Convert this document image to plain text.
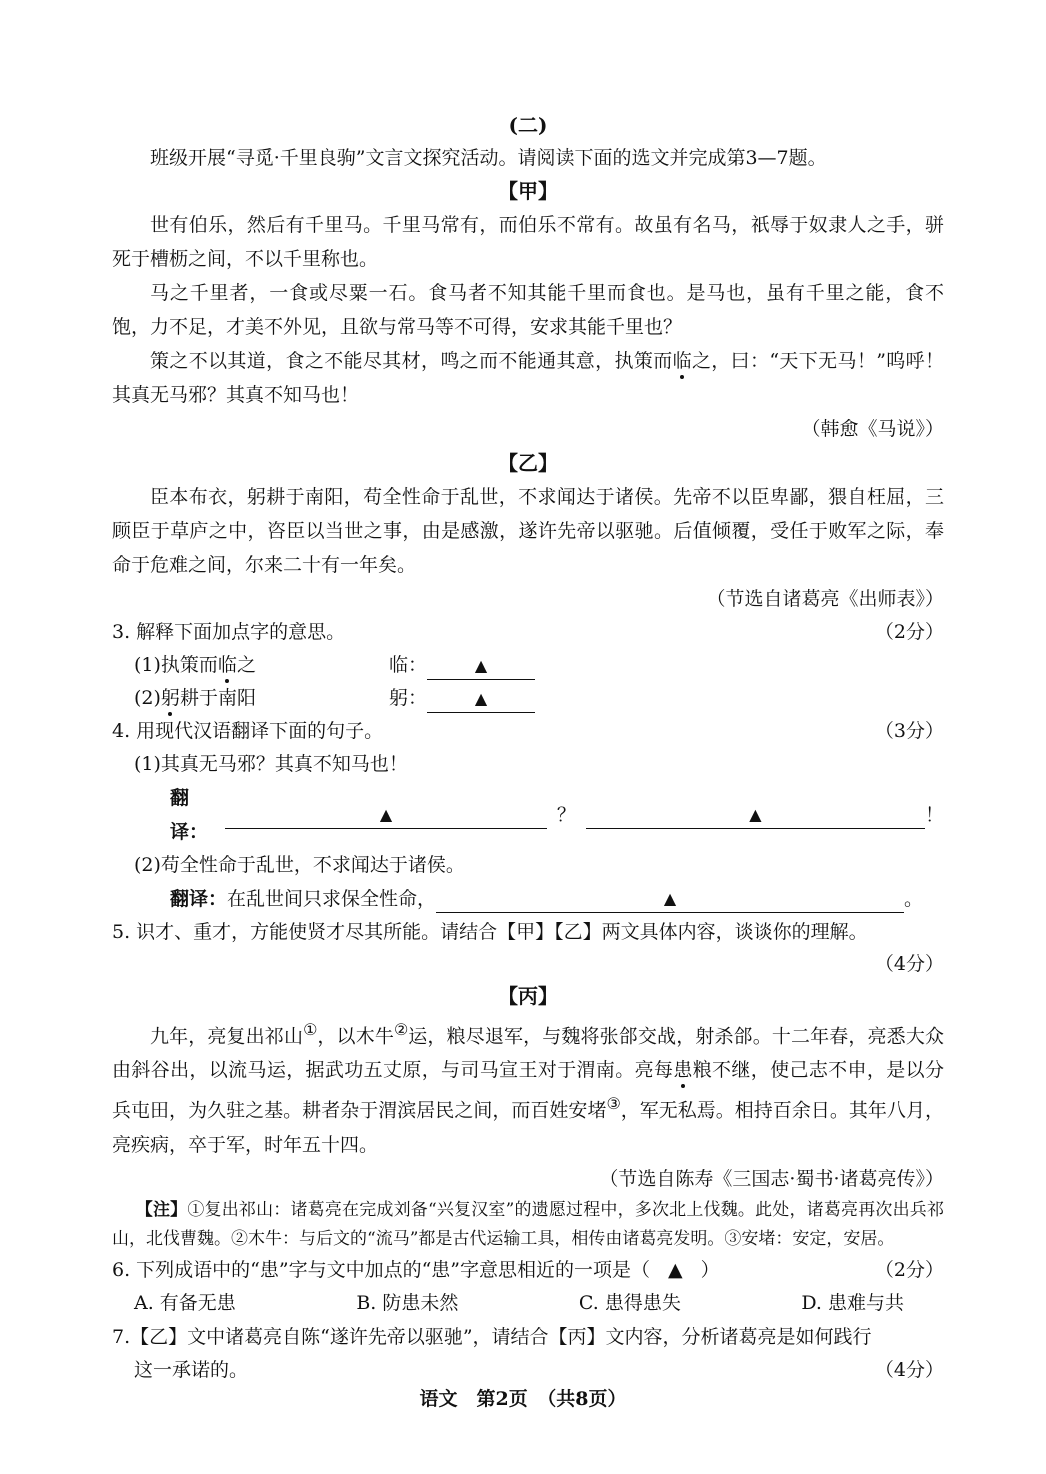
(二)
班级开展“寻觅·千里良驹”文言文探究活动。请阅读下面的选文并完成第3—7题。
【甲】

世有伯乐，然后有千里马。千里马常有，而伯乐不常有。故虽有名马，祇辱于奴隶人之手，骈死于槽枥之间，不以千里称也。

马之千里者，一食或尽粟一石。食马者不知其能千里而食也。是马也，虽有千里之能，食不饱，力不足，才美不外见，且欲与常马等不可得，安求其能千里也？

策之不以其道，食之不能尽其材，鸣之而不能通其意，执策而临之，曰：“天下无马！”呜呼！其真无马邪？其真不知马也！

（韩愈《马说》）
【乙】

臣本布衣，躬耕于南阳，苟全性命于乱世，不求闻达于诸侯。先帝不以臣卑鄙，猥自枉屈，三顾臣于草庐之中，咨臣以当世之事，由是感激，遂许先帝以驱驰。后值倾覆，受任于败军之际，奉命于危难之间，尔来二十有一年矣。

（节选自诸葛亮《出师表》）
3. 解释下面加点字的意思。	（2分）
(1)执策而临之	临：	▲
(2)躬耕于南阳	躬：	▲
4. 用现代汉语翻译下面的句子。	（3分）
(1)其真无马邪？其真不知马也！
翻译：
▲	？	▲	！
(2)苟全性命于乱世，不求闻达于诸侯。
翻译： 在乱世间只求保全性命，	▲	。
5. 识才、重才，方能使贤才尽其所能。请结合【甲】【乙】两文具体内容，谈谈你的理解。
（4分）
【丙】

九年，亮复出祁山①，以木牛②运，粮尽退军，与魏将张郃交战，射杀郃。十二年春，亮悉大众由斜谷出，以流马运，据武功五丈原，与司马宣王对于渭南。亮每患粮不继，使己志不申，是以分兵屯田，为久驻之基。耕者杂于渭滨居民之间，而百姓安堵③，军无私焉。相持百余日。其年八月，亮疾病，卒于军，时年五十四。

（节选自陈寿《三国志·蜀书·诸葛亮传》）
【注】①复出祁山：诸葛亮在完成刘备“兴复汉室”的遗愿过程中，多次北上伐魏。此处，诸葛亮再次出兵祁山，北伐曹魏。②木牛：与后文的“流马”都是古代运输工具，相传由诸葛亮发明。③安堵：安定，安居。
6. 下列成语中的“患”字与文中加点的“患”字意思相近的一项是（ ▲ ）	（2分）
A. 有备无患	B. 防患未然	C. 患得患失	D. 患难与共
7.【乙】文中诸葛亮自陈“遂许先帝以驱驰”，请结合【丙】文内容，分析诸葛亮是如何践行
这一承诺的。	（4分）
语文　第2页　（共8页）
